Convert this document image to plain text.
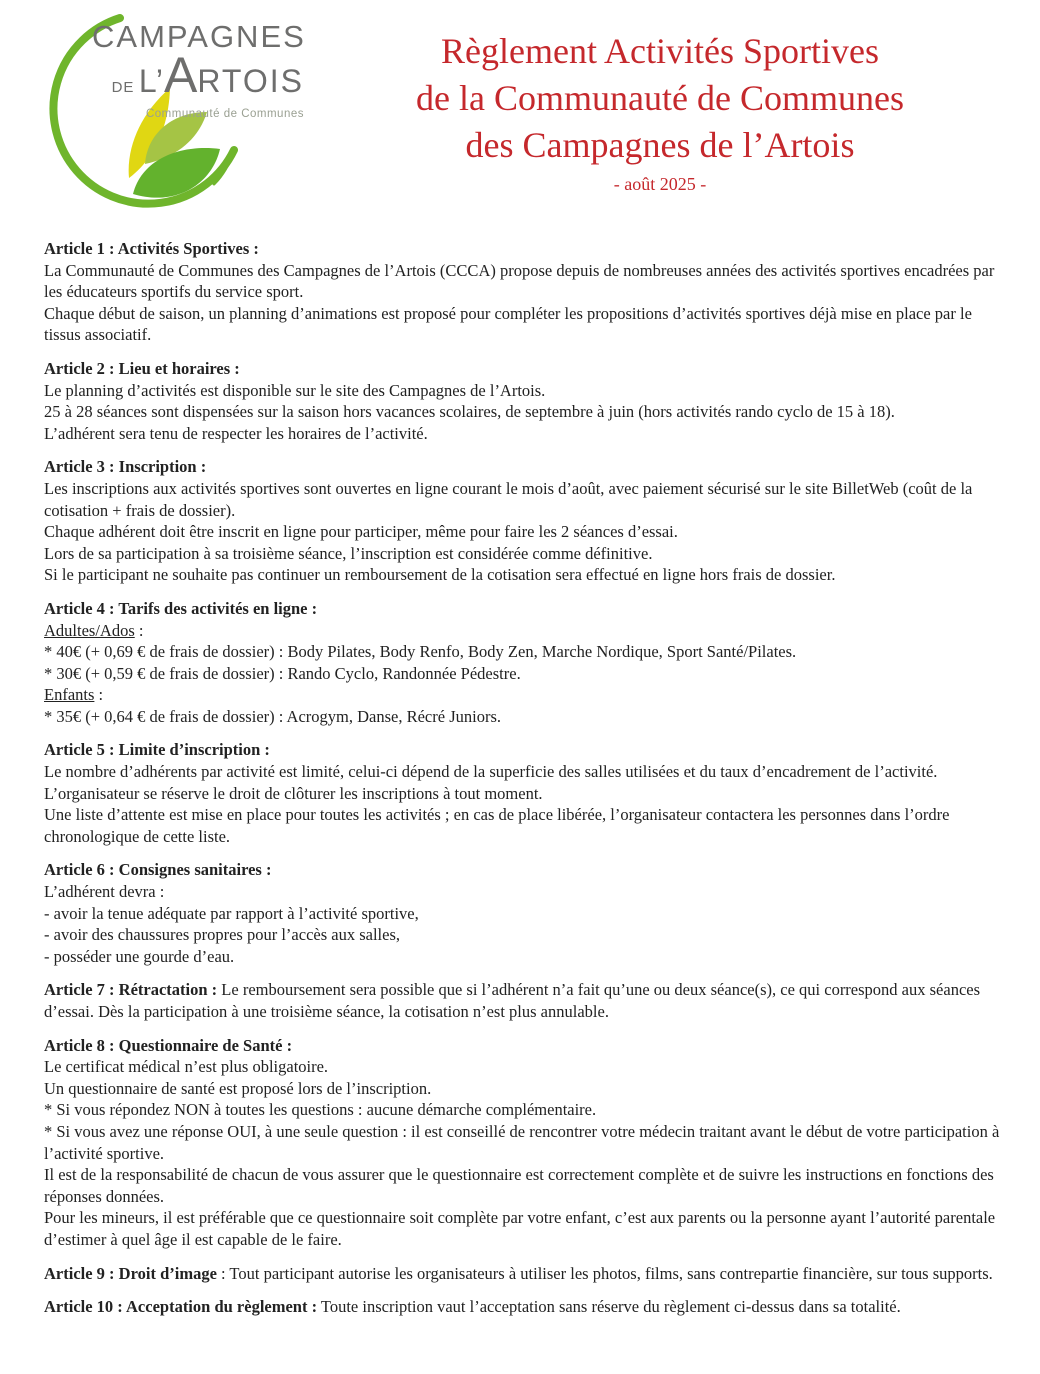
CAMPAGNES
DE L’ARTOIS
Communauté de Communes
Règlement Activités Sportives
de la Communauté de Communes
des Campagnes de l’Artois
- août 2025 -
Article 1 : Activités Sportives :

La Communauté de Communes des Campagnes de l’Artois (CCCA) propose depuis de nombreuses années des activités sportives encadrées par les éducateurs sportifs du service sport.

Chaque début de saison, un planning d’animations est proposé pour compléter les propositions d’activités sportives déjà mise en place par le tissus associatif.

Article 2 : Lieu et horaires :

Le planning d’activités est disponible sur le site des Campagnes de l’Artois.

25 à 28 séances sont dispensées sur la saison hors vacances scolaires, de septembre à juin (hors activités rando cyclo de 15 à 18).

L’adhérent sera tenu de respecter les horaires de l’activité.

Article 3 : Inscription :

Les inscriptions aux activités sportives sont ouvertes en ligne courant le mois d’août, avec paiement sécurisé sur le site BilletWeb (coût de la cotisation + frais de dossier).

Chaque adhérent doit être inscrit en ligne pour participer, même pour faire les 2 séances d’essai.

Lors de sa participation à sa troisième séance, l’inscription est considérée comme définitive.

Si le participant ne souhaite pas continuer un remboursement de la cotisation sera effectué en ligne hors frais de dossier.

Article 4 : Tarifs des activités en ligne :

Adultes/Ados :

* 40€ (+ 0,69 € de frais de dossier) : Body Pilates, Body Renfo, Body Zen, Marche Nordique, Sport Santé/Pilates.

* 30€ (+ 0,59 € de frais de dossier) : Rando Cyclo, Randonnée Pédestre.

Enfants :

* 35€ (+ 0,64 € de frais de dossier) : Acrogym, Danse, Récré Juniors.

Article 5 : Limite d’inscription :

Le nombre d’adhérents par activité est limité, celui-ci dépend de la superficie des salles utilisées et du taux d’encadrement de l’activité.

L’organisateur se réserve le droit de clôturer les inscriptions à tout moment.

Une liste d’attente est mise en place pour toutes les activités ; en cas de place libérée, l’organisateur contactera les personnes dans l’ordre chronologique de cette liste.

Article 6 : Consignes sanitaires :

L’adhérent devra :

- avoir la tenue adéquate par rapport à l’activité sportive,

- avoir des chaussures propres pour l’accès aux salles,

- posséder une gourde d’eau.

Article 7 : Rétractation : Le remboursement sera possible que si l’adhérent n’a fait qu’une ou deux séance(s), ce qui correspond aux séances d’essai. Dès la participation à une troisième séance, la cotisation n’est plus annulable.

Article 8 : Questionnaire de Santé :

Le certificat médical n’est plus obligatoire.

Un questionnaire de santé est proposé lors de l’inscription.

* Si vous répondez NON à toutes les questions : aucune démarche complémentaire.

* Si vous avez une réponse OUI, à une seule question : il est conseillé de rencontrer votre médecin traitant avant le début de votre participation à l’activité sportive.

Il est de la responsabilité de chacun de vous assurer que le questionnaire est correctement complète et de suivre les instructions en fonctions des réponses données.

Pour les mineurs, il est préférable que ce questionnaire soit complète par votre enfant, c’est aux parents ou la personne ayant l’autorité parentale d’estimer à quel âge il est capable de le faire.

Article 9 : Droit d’image : Tout participant autorise les organisateurs à utiliser les photos, films, sans contrepartie financière, sur tous supports.

Article 10 : Acceptation du règlement : Toute inscription vaut l’acceptation sans réserve du règlement ci-dessus dans sa totalité.
